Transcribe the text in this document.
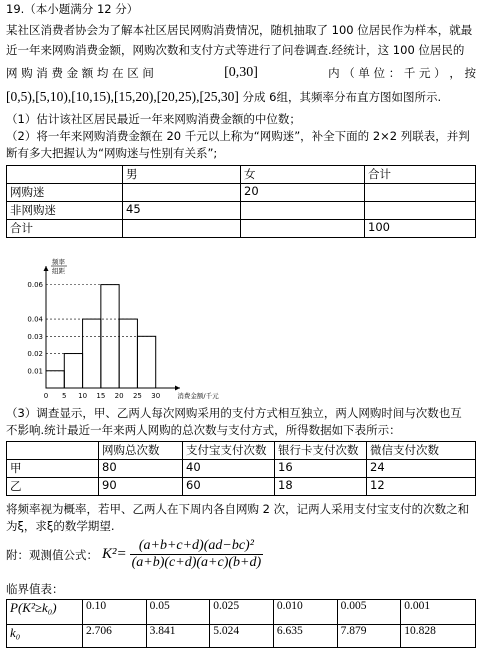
19.（本小题满分 12 分）
某社区消费者协会为了解本社区居民网购消费情况，随机抽取了 100 位居民作为样本，就最
近一年来网购消费金额，网购次数和支付方式等进行了问卷调查.经统计，这 100 位居民的
网 购 消 费 金 额 均 在 区 间	[0,30]	内 （ 单 位 ： 千 元 ） ， 按
[0,5),[5,10),[10,15),[15,20),[20,25),[25,30] 分成 6组，其频率分布直方图如图所示.
（1）估计该社区居民最近一年来网购消费金额的中位数；
（2）将一年来网购消费金额在 20 千元以上称为“网购迷”，补全下面的 2×2 列联表，并判
断有多大把握认为“网购迷与性别有关系”;
	男	女	合计
网购迷		20	
非网购迷	45		
合计			100
频率
组距
0.01
0.02
0.03
0.04
0.06
0 5 10 15 20 25 30	消费金额/千元
（3）调查显示，甲、乙两人每次网购采用的支付方式相互独立，两人网购时间与次数也互
不影响.统计最近一年来两人网购的总次数与支付方式，所得数据如下表所示：
	网购总次数	支付宝支付次数	银行卡支付次数	微信支付次数
甲	80	40	16	24
乙	90	60	18	12
将频率视为概率，若甲、乙两人在下周内各自网购 2 次，记两人采用支付宝支付的次数之和
为ξ，求ξ的数学期望.
附：观测值公式： $K^2= \frac{\text{(a+b+c+d)(ad−bc)²}}{(a+b)(c+d)(a+c)(b+d)}$
临界值表：
P(K²≥k₀)	0.10	0.05	0.025	0.010	0.005	0.001
k₀	2.706	3.841	5.024	6.635	7.879	10.828
